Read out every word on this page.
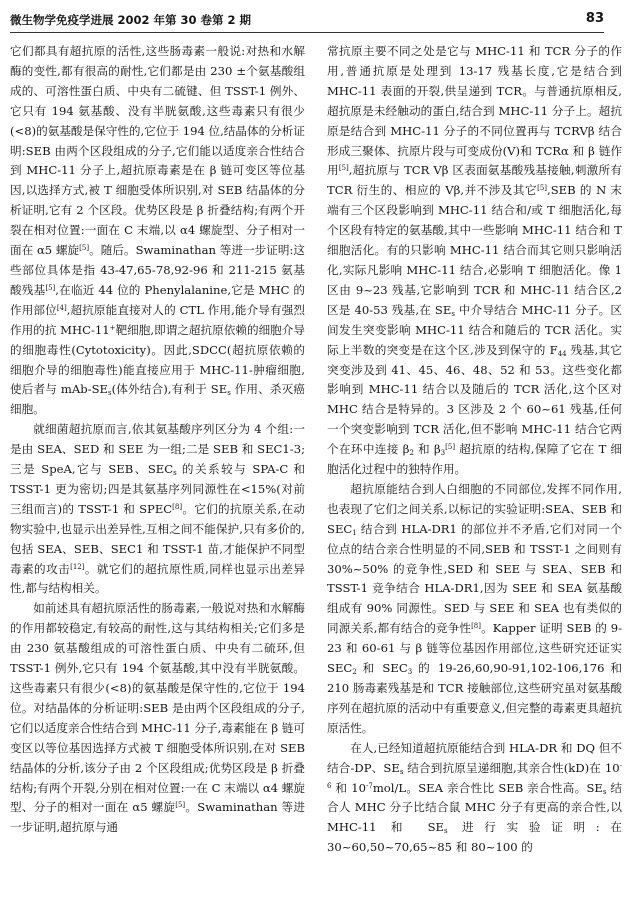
微生物学免疫学进展 2002 年第 30 卷第 2 期	83

它们都具有超抗原的活性,这些肠毒素一般说:对热和水解酶的变性,都有很高的耐性,它们都是由 230 ±个氨基酸组成的、可溶性蛋白质、中央有二硫键、但 TSST-1 例外、它只有 194 氨基酸、没有半胱氨酸,这些毒素只有很少(<8)的氨基酸是保守性的,它位于 194 位,结晶体的分析证明:SEB 由两个区段组成的分子,它们能以适度亲合性结合到 MHC-11 分子上,超抗原毒素是在 β 链可变区等位基因,以选择方式,被 T 细胞受体所识别,对 SEB 结晶体的分析证明,它有 2 个区段。优势区段是 β 折叠结构;有两个开裂在相对位置:一面在 C 末端,以 α4 螺旋型、分子相对一面在 α5 螺旋[5]。随后。Swaminathan 等进一步证明:这些部位具体是指 43-47,65-78,92-96 和 211-215 氨基酸残基[5],在临近 44 位的 Phenylalanine,它是 MHC 的作用部位[4],超抗原能直接对人的 CTL 作用,能介导有强烈作用的抗 MHC-11+靶细胞,即谓之超抗原依赖的细胞介导的细胞毒性(Cytotoxicity)。因此,SDCC(超抗原依赖的细胞介导的细胞毒性)能直接应用于 MHC-11-肿瘤细胞,使后者与 mAb-$SE_s$(体外结合),有利于 $SE_s$ 作用、杀灭癌细胞。

就细菌超抗原而言,依其氨基酸序列区分为 4 个组:一是由 SEA、SED 和 SEE 为一组;二是 SEB 和 SEC1-3;三是 SpeA,它与 SEB、$SEC_s$ 的关系较与 SPA-C 和 TSST-1 更为密切;四是其氨基序列同源性在<15%(对前三组而言)的 TSST-1 和 SPEC[8]。它们的抗原关系,在动物实验中,也显示出差异性,互相之间不能保护,只有多价的,包括 SEA、SEB、SEC1 和 TSST-1 苗,才能保护不同型毒素的攻击[12]。就它们的超抗原性质,同样也显示出差异性,都与结构相关。

如前述具有超抗原活性的肠毒素,一般说对热和水解酶的作用都较稳定,有较高的耐性,这与其结构相关;它们多是由 230 氨基酸组成的可溶性蛋白质、中央有二硫环,但 TSST-1 例外,它只有 194 个氨基酸,其中没有半胱氨酸。这些毒素只有很少(<8)的氨基酸是保守性的,它位于 194 位。对结晶体的分析证明:SEB 是由两个区段组成的分子,它们以适度亲合性结合到 MHC-11 分子,毒素能在 β 链可变区以等位基因选择方式被 T 细胞受体所识别,在对 SEB 结晶体的分析,该分子由 2 个区段组成;优势区段是 β 折叠结构;有两个开裂,分别在相对位置:一在 C 末端以 α4 螺旋型、分子的相对一面在 α5 螺旋[5]。Swaminathan 等进一步证明,超抗原与通

常抗原主要不同之处是它与 MHC-11 和 TCR 分子的作用,普通抗原是处理到 13-17 残基长度,它是结合到 MHC-11 表面的开裂,供呈递到 TCR。与普通抗原相反,超抗原是未经触动的蛋白,结合到 MHC-11 分子上。超抗原是结合到 MHC-11 分子的不同位置再与 TCRVβ 结合形成三聚体、抗原片段与可变成份(V)和 TCRα 和 β 链作用[5],超抗原与 TCR Vβ 区表面氨基酸残基接触,刺激所有 TCR 衍生的、相应的 Vβ,并不涉及其它[5],SEB 的 N 末端有三个区段影响到 MHC-11 结合和/或 T 细胞活化,每个区段有特定的氨基酸,其中一些影响 MHC-11 结合和 T 细胞活化。有的只影响 MHC-11 结合而其它则只影响活化,实际凡影响 MHC-11 结合,必影响 T 细胞活化。像 1 区由 9~23 残基,它影响到 TCR 和 MHC-11 结合区,2 区是 40-53 残基,在 $SE_s$ 中介导结合 MHC-11 分子。区间发生突变影响 MHC-11 结合和随后的 TCR 活化。实际上半数的突变是在这个区,涉及到保守的 $F_{44}$ 残基,其它突变涉及到 41、45、46、48、52 和 53。这些变化都影响到 MHC-11 结合以及随后的 TCR 活化,这个区对 MHC 结合是特异的。3 区涉及 2 个 60~61 残基,任何一个突变影响到 TCR 活化,但不影响 MHC-11 结合它两个在环中连接 $\beta_2$ 和 $\beta_3[5]$ 超抗原的结构,保障了它在 T 细胞活化过程中的独特作用。

超抗原能结合到人白细胞的不同部位,发挥不同作用,也表现了它们之间关系,以标记的实验证明:SEA、SEB 和 $SEC_1$ 结合到 HLA-DR1 的部位并不矛盾,它们对同一个位点的结合亲合性明显的不同,SEB 和 TSST-1 之间则有 30%~50% 的竞争性,SED 和 SEE 与 SEA、SEB 和 TSST-1 竞争结合 HLA-DR1,因为 SEE 和 SEA 氨基酸组成有 90% 同源性。SED 与 SEE 和 SEA 也有类似的同源关系,都有结合的竞争性[8]。Kapper 证明 SEB 的 9-23 和 60-61 与 β 链等位基因作用部位,这些研究还证实 $SEC_2$ 和 $SEC_3$ 的 19-26,60,90-91,102-106,176 和 210 肠毒素残基是和 TCR 接触部位,这些研究虽对氨基酸序列在超抗原的活动中有重要意义,但完整的毒素更具超抗原活性。

在人,已经知道超抗原能结合到 HLA-DR 和 DQ 但不结合-DP、$SE_s$ 结合到抗原呈递细胞,其亲合性(kD)在 $10^{-6}$ 和 $10^{-7}mol/L$。SEA 亲合性比 SEB 亲合性高。$SE_s$ 结合人 MHC 分子比结合鼠 MHC 分子有更高的亲合性,以 MHC-11 和 $SE_s$ 进行实验证明:在 30~60,50~70,65~85 和 80~100 的
